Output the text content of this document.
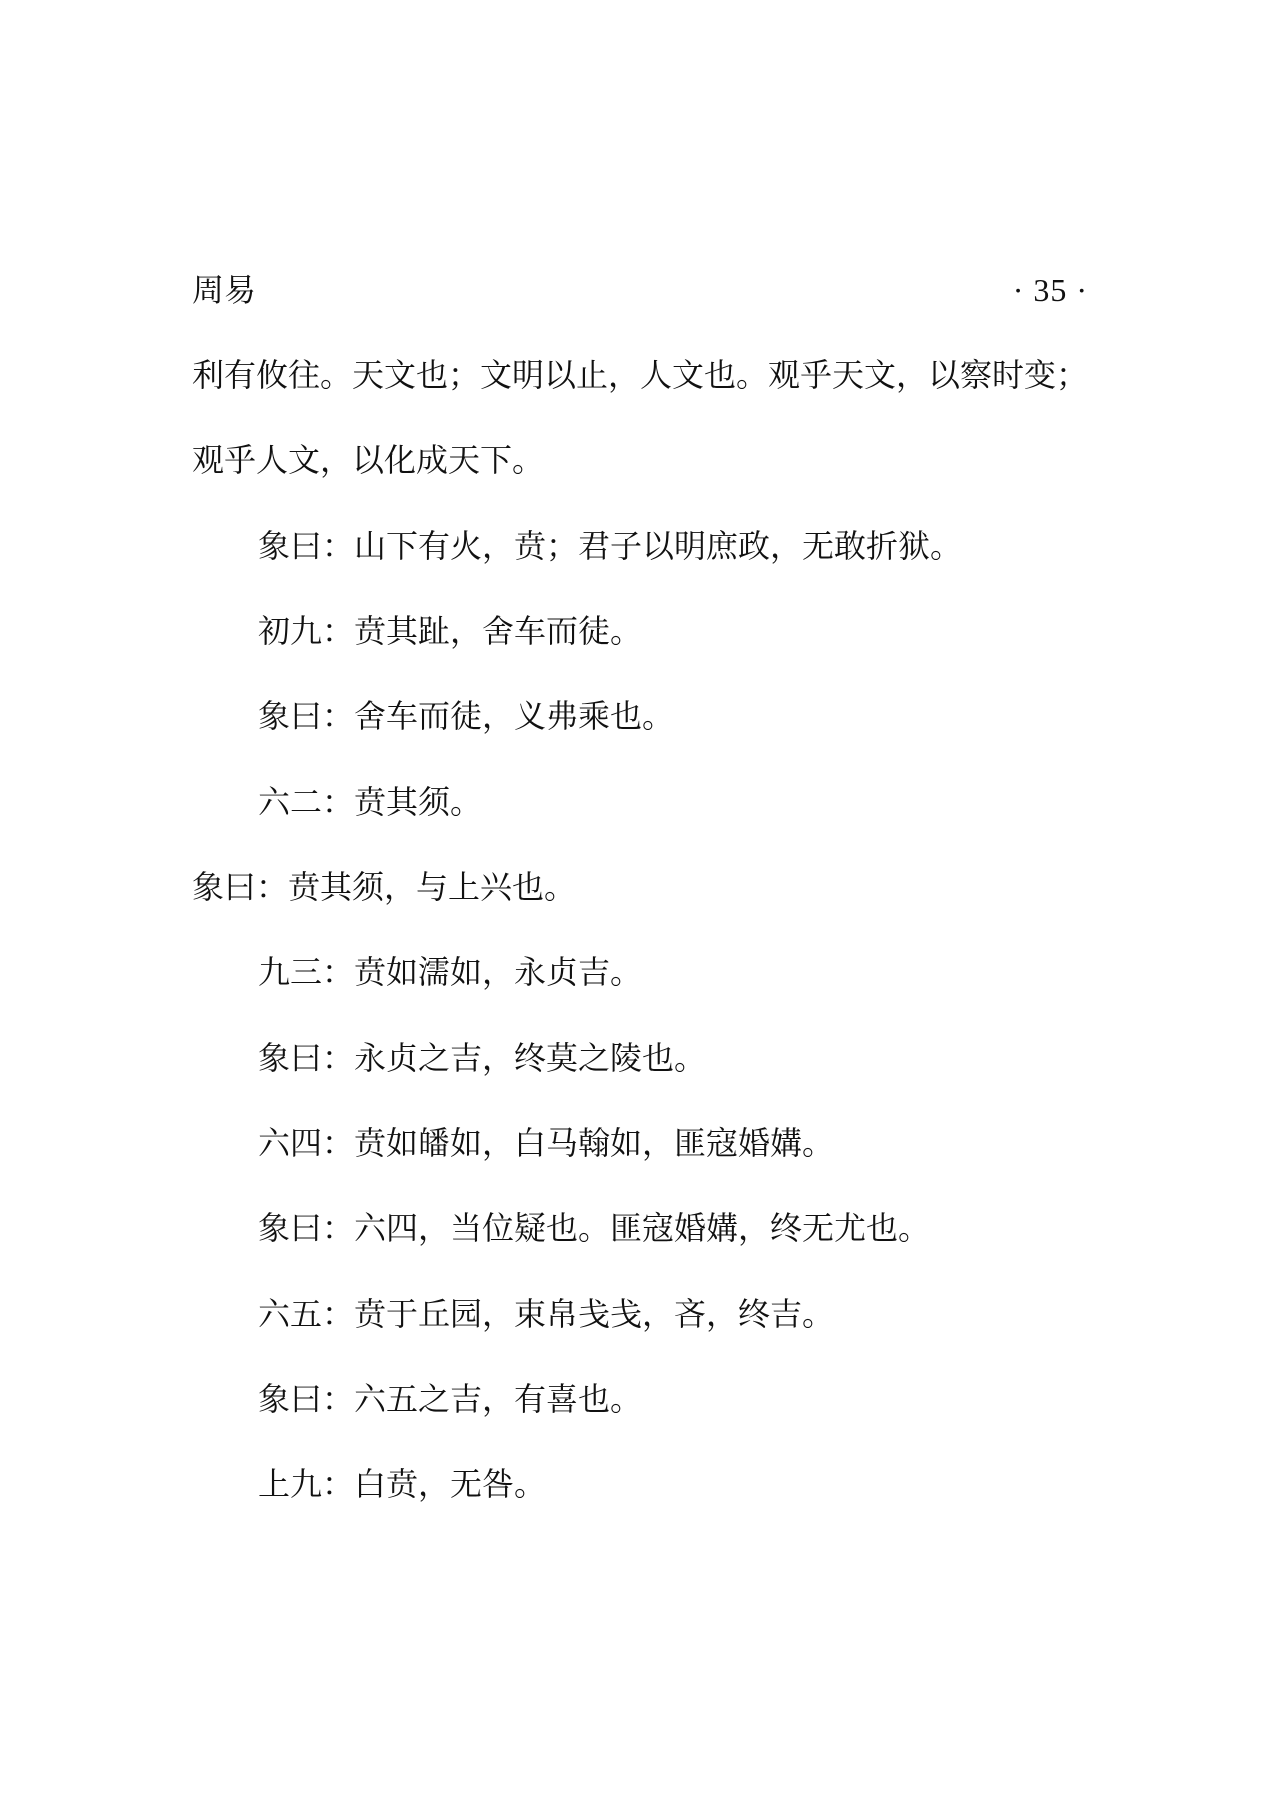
周易	· 35 ·
利有攸往。天文也；文明以止，人文也。观乎天文，以察时变；
观乎人文，以化成天下。
象曰：山下有火，贲；君子以明庶政，无敢折狱。
初九：贲其趾，舍车而徒。
象曰：舍车而徒，义弗乘也。
六二：贲其须。
象曰：贲其须，与上兴也。
九三：贲如濡如，永贞吉。
象曰：永贞之吉，终莫之陵也。
六四：贲如皤如，白马翰如，匪寇婚媾。
象曰：六四，当位疑也。匪寇婚媾，终无尤也。
六五：贲于丘园，束帛戋戋，吝，终吉。
象曰：六五之吉，有喜也。
上九：白贲，无咎。
